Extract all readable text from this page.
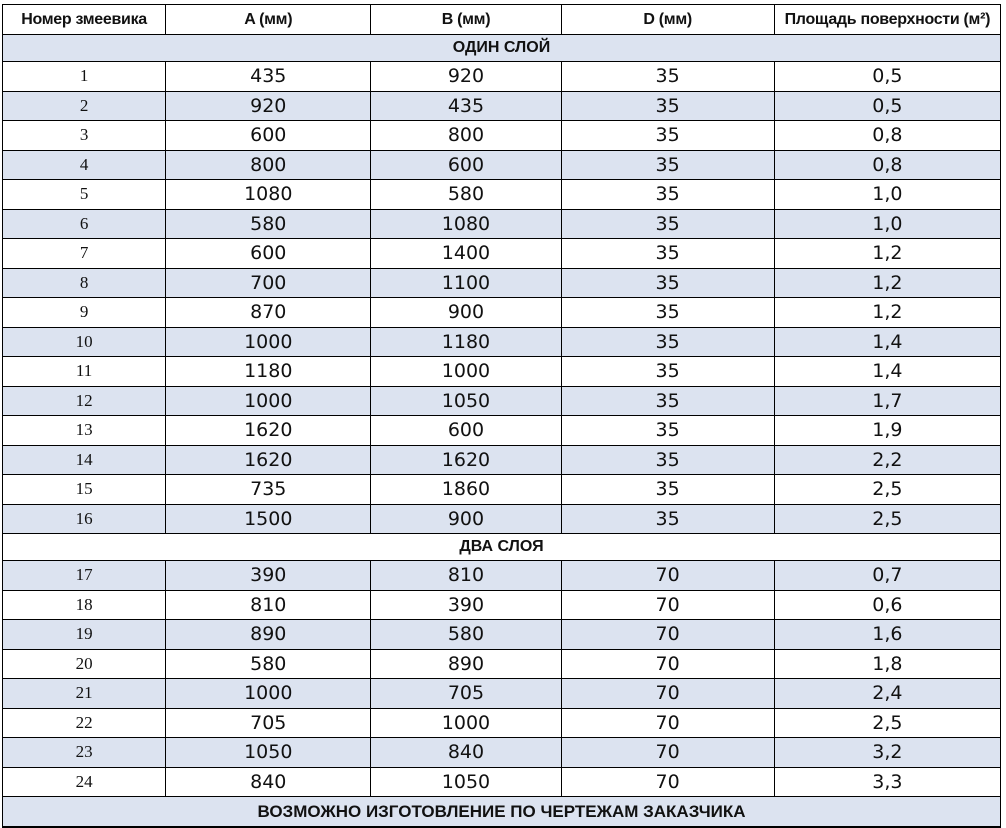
Номер змеевика	A (мм)	B (мм)	D (мм)	Площадь поверхности (м²)
ОДИН СЛОЙ				
1	435	920	35	0,5
2	920	435	35	0,5
3	600	800	35	0,8
4	800	600	35	0,8
5	1080	580	35	1,0
6	580	1080	35	1,0
7	600	1400	35	1,2
8	700	1100	35	1,2
9	870	900	35	1,2
10	1000	1180	35	1,4
11	1180	1000	35	1,4
12	1000	1050	35	1,7
13	1620	600	35	1,9
14	1620	1620	35	2,2
15	735	1860	35	2,5
16	1500	900	35	2,5
ДВА СЛОЯ				
17	390	810	70	0,7
18	810	390	70	0,6
19	890	580	70	1,6
20	580	890	70	1,8
21	1000	705	70	2,4
22	705	1000	70	2,5
23	1050	840	70	3,2
24	840	1050	70	3,3
ВОЗМОЖНО ИЗГОТОВЛЕНИЕ ПО ЧЕРТЕЖАМ ЗАКАЗЧИКА				
